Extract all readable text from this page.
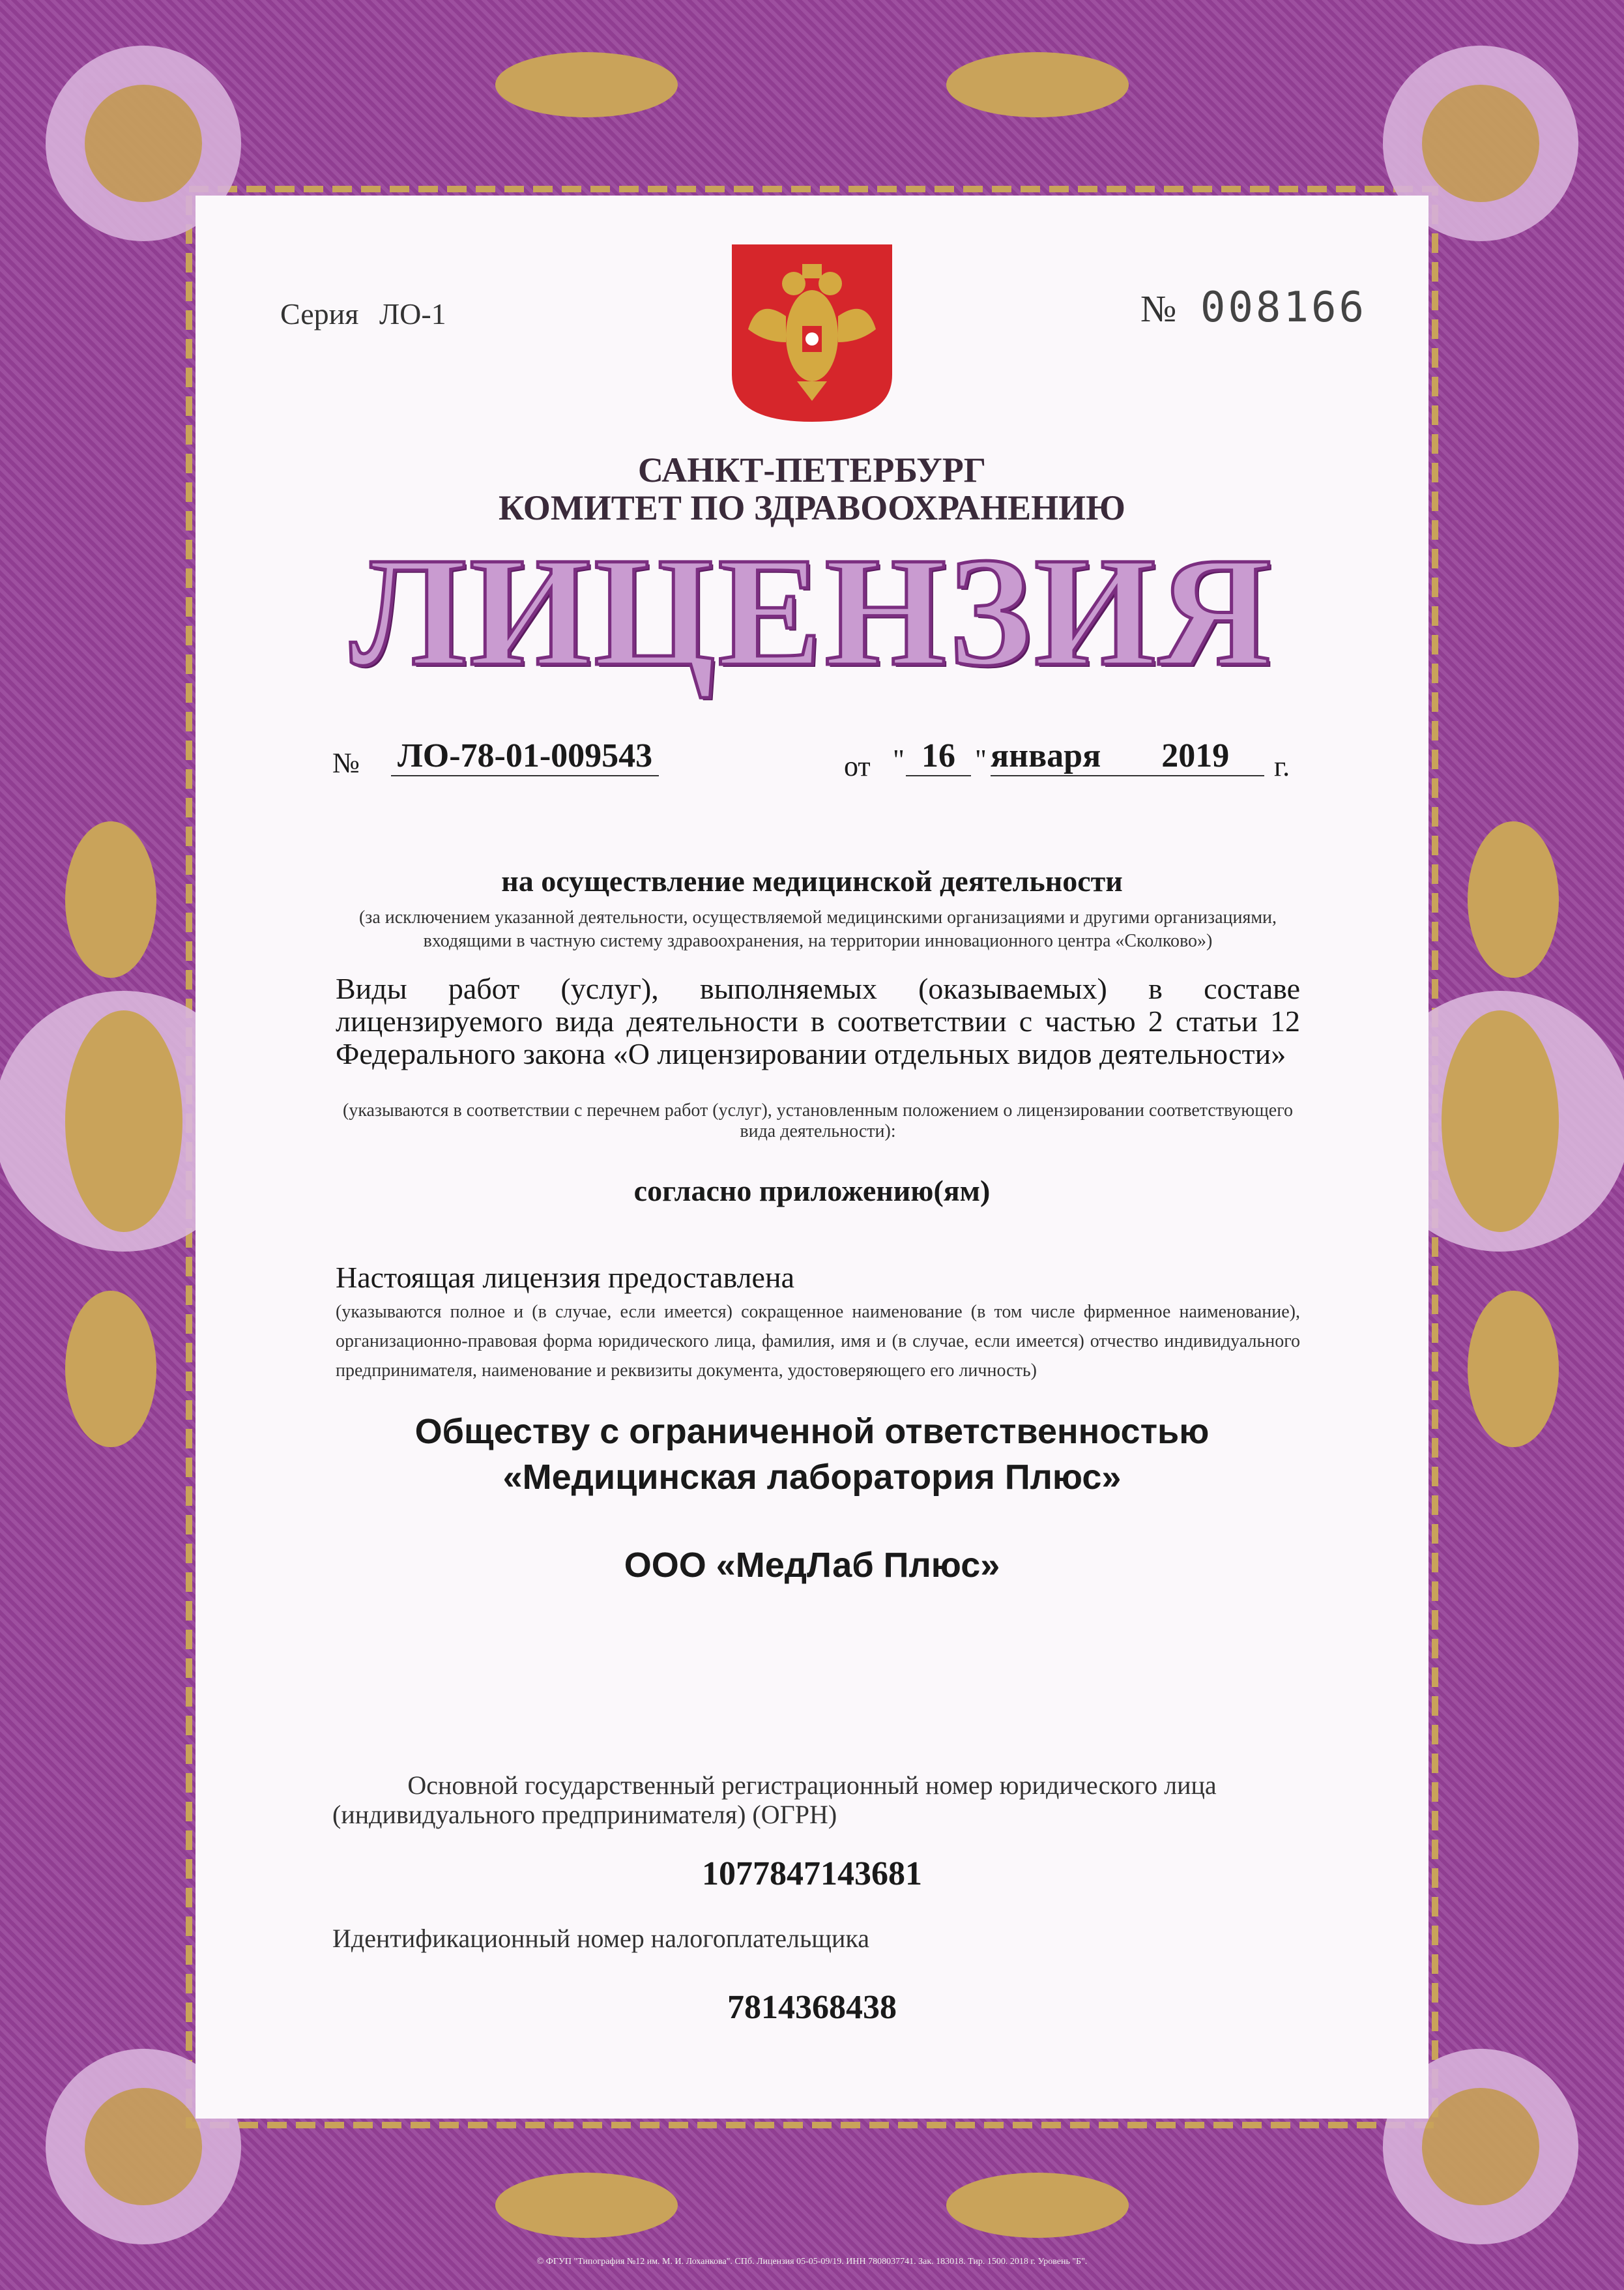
Серия ЛО-1	№ 008166
САНКТ-ПЕТЕРБУРГ
КОМИТЕТ ПО ЗДРАВООХРАНЕНИЮ
ЛИЦЕНЗИЯ
№ ЛО-78-01-009543	от " 16 " января 2019	г.
на осуществление медицинской деятельности
(за исключением указанной деятельности, осуществляемой медицинскими организациями и другими организациями, входящими в частную систему здравоохранения, на территории инновационного центра «Сколково»)
Виды работ (услуг), выполняемых (оказываемых) в составе лицензируемого вида деятельности в соответствии с частью 2 статьи 12 Федерального закона «О лицензировании отдельных видов деятельности»
(указываются в соответствии с перечнем работ (услуг), установленным положением о лицензировании соответствующего вида деятельности):
согласно приложению(ям)
Настоящая лицензия предоставлена
(указываются полное и (в случае, если имеется) сокращенное наименование (в том числе фирменное наименование), организационно-правовая форма юридического лица, фамилия, имя и (в случае, если имеется) отчество индивидуального предпринимателя, наименование и реквизиты документа, удостоверяющего его личность)
Обществу с ограниченной ответственностью
«Медицинская лаборатория Плюс»
ООО «МедЛаб Плюс»
Основной государственный регистрационный номер юридического лица
(индивидуального предпринимателя) (ОГРН)
1077847143681
Идентификационный номер налогоплательщика
7814368438
© ФГУП "Типография №12 им. М. И. Лоханкова". СПб. Лицензия 05-05-09/19. ИНН 7808037741. Зак. 183018. Тир. 1500. 2018 г. Уровень "Б".
